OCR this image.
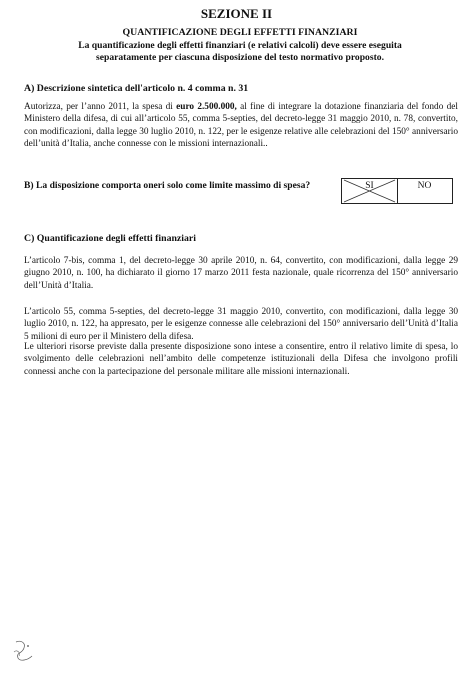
SEZIONE II
QUANTIFICAZIONE DEGLI EFFETTI FINANZIARI
La quantificazione degli effetti finanziari (e relativi calcoli) deve essere eseguita
separatamente per ciascuna disposizione del testo normativo proposto.
A) Descrizione sintetica dell'articolo n. 4 comma n. 31
Autorizza, per l’anno 2011, la spesa di euro 2.500.000, al fine di integrare la dotazione finanziaria del fondo del Ministero della difesa, di cui all’articolo 55, comma 5-septies, del decreto-legge 31 maggio 2010, n. 78, convertito, con modificazioni, dalla legge 30 luglio 2010, n. 122, per le esigenze relative alle celebrazioni del 150° anniversario dell’unità d’Italia, anche connesse con le missioni internazionali..
B) La disposizione comporta oneri solo come limite massimo di spesa?	SI	NO
C) Quantificazione degli effetti finanziari
L’articolo 7-bis, comma 1, del decreto-legge 30 aprile 2010, n. 64, convertito, con modificazioni, dalla legge 29 giugno 2010, n. 100, ha dichiarato il giorno 17 marzo 2011 festa nazionale, quale ricorrenza del 150° anniversario dell’Unità d’Italia.
L’articolo 55, comma 5-septies, del decreto-legge 31 maggio 2010, convertito, con modificazioni, dalla legge 30 luglio 2010, n. 122, ha appresato, per le esigenze connesse alle celebrazioni del 150° anniversario dell’Unità d’Italia 5 milioni di euro per il Ministero della difesa.
Le ulteriori risorse previste dalla presente disposizione sono intese a consentire, entro il relativo limite di spesa, lo svolgimento delle celebrazioni nell’ambito delle competenze istituzionali della Difesa che involgono profili connessi anche con la partecipazione del personale militare alle missioni internazionali.
